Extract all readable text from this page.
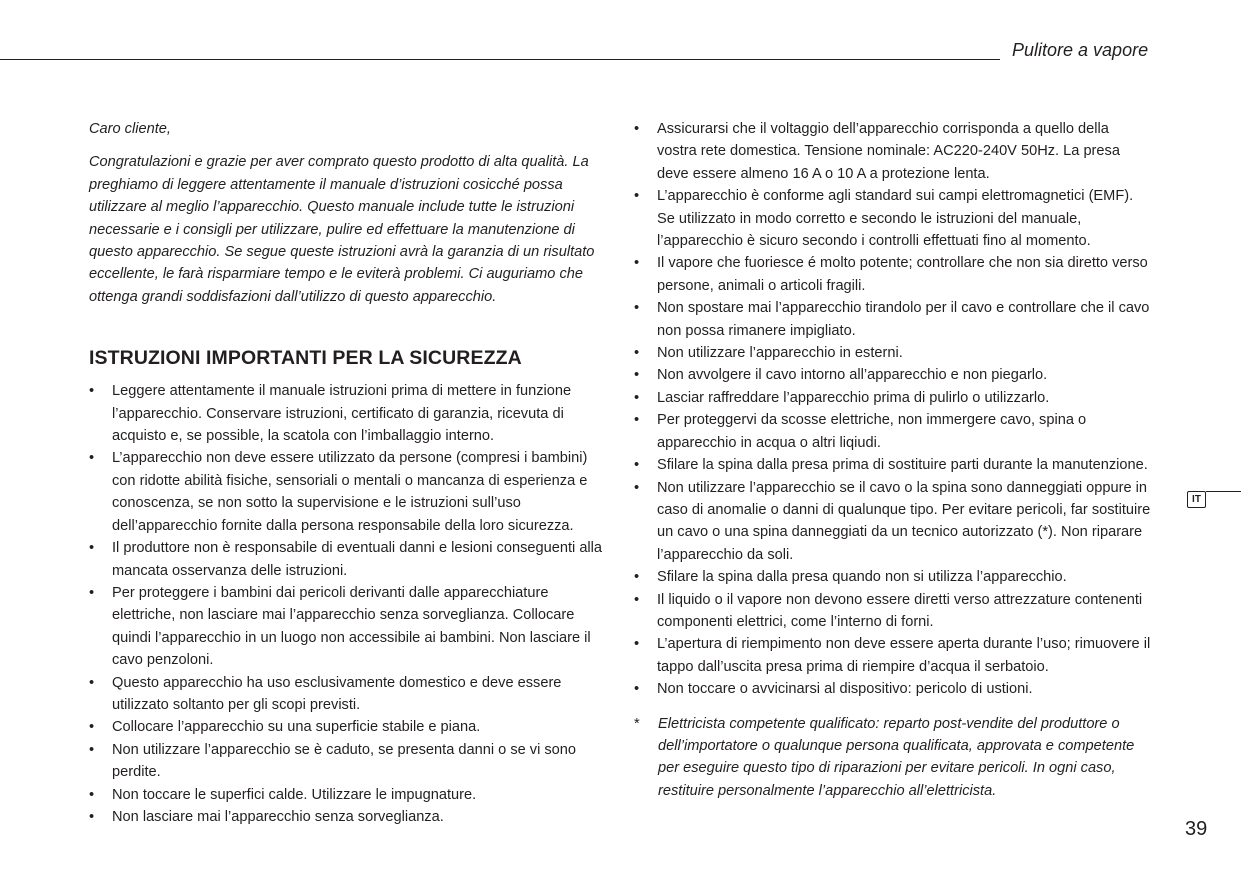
Pulitore a vapore

Caro cliente,

Congratulazioni e grazie per aver comprato questo prodotto di alta qualità. La preghiamo di leggere attentamente il manuale d’istruzioni cosicché possa utilizzare al meglio l’apparecchio. Questo manuale include tutte le istruzioni necessarie e i consigli per utilizzare, pulire ed effettuare la manutenzione di questo apparecchio. Se segue queste istruzioni avrà la garanzia di un risultato eccellente, le farà risparmiare tempo e le eviterà problemi. Ci auguriamo che ottenga grandi soddisfazioni dall’utilizzo di questo apparecchio.

ISTRUZIONI IMPORTANTI PER LA SICUREZZA
•	Leggere attentamente il manuale istruzioni prima di mettere in funzione l’apparecchio. Conservare istruzioni, certificato di garanzia, ricevuta di acquisto e, se possible, la scatola con l’imballaggio interno.
•	L’apparecchio non deve essere utilizzato da persone (compresi i bambini) con ridotte abilità fisiche, sensoriali o mentali o mancanza di esperienza e conoscenza, se non sotto la supervisione e le istruzioni sull’uso dell’apparecchio fornite dalla persona responsabile della loro sicurezza.
•	Il produttore non è responsabile di eventuali danni e lesioni conseguenti alla mancata osservanza delle istruzioni.
•	Per proteggere i bambini dai pericoli derivanti dalle apparecchiature elettriche, non lasciare mai l’apparecchio senza sorveglianza. Collocare quindi l’apparecchio in un luogo non accessibile ai bambini. Non lasciare il cavo penzoloni.
•	Questo apparecchio ha uso esclusivamente domestico e deve essere utilizzato soltanto per gli scopi previsti.
•	Collocare l’apparecchio su una superficie stabile e piana.
•	Non utilizzare l’apparecchio se è caduto, se presenta danni o se vi sono perdite.
•	Non toccare le superfici calde. Utilizzare le impugnature.
•	Non lasciare mai l’apparecchio senza sorveglianza.
•	Assicurarsi che il voltaggio dell’apparecchio corrisponda a quello della vostra rete domestica. Tensione nominale: AC220-240V 50Hz. La presa deve essere almeno 16 A o 10 A a protezione lenta.
•	L’apparecchio è conforme agli standard sui campi elettromagnetici (EMF). Se utilizzato in modo corretto e secondo le istruzioni del manuale, l’apparecchio è sicuro secondo i controlli effettuati fino al momento.
•	Il vapore che fuoriesce é molto potente; controllare che non sia diretto verso persone, animali o articoli fragili.
•	Non spostare mai l’apparecchio tirandolo per il cavo e controllare che il cavo non possa rimanere impigliato.
•	Non utilizzare l’apparecchio in esterni.
•	Non avvolgere il cavo intorno all’apparecchio e non piegarlo.
•	Lasciar raffreddare l’apparecchio prima di pulirlo o utilizzarlo.
•	Per proteggervi da scosse elettriche, non immergere cavo, spina o apparecchio in acqua o altri liqiudi.
•	Sfilare la spina dalla presa prima di sostituire parti durante la manutenzione.
•	Non utilizzare l’apparecchio se il cavo o la spina sono danneggiati oppure in caso di anomalie o danni di qualunque tipo. Per evitare pericoli, far sostituire un cavo o una spina danneggiati da un tecnico autorizzato (*). Non riparare l’apparecchio da soli.
•	Sfilare la spina dalla presa quando non si utilizza l’apparecchio.
•	Il liquido o il vapore non devono essere diretti verso attrezzature contenenti componenti elettrici, come l’interno di forni.
•	L’apertura di riempimento non deve essere aperta durante l’uso; rimuovere il tappo dall’uscita presa prima di riempire d’acqua il serbatoio.
•	Non toccare o avvicinarsi al dispositivo: pericolo di ustioni.
* Elettricista competente qualificato: reparto post-vendite del produttore o dell’importatore o qualunque persona qualificata, approvata e competente per eseguire questo tipo di riparazioni per evitare pericoli. In ogni caso, restituire personalmente l’apparecchio all’elettricista.
IT
39
